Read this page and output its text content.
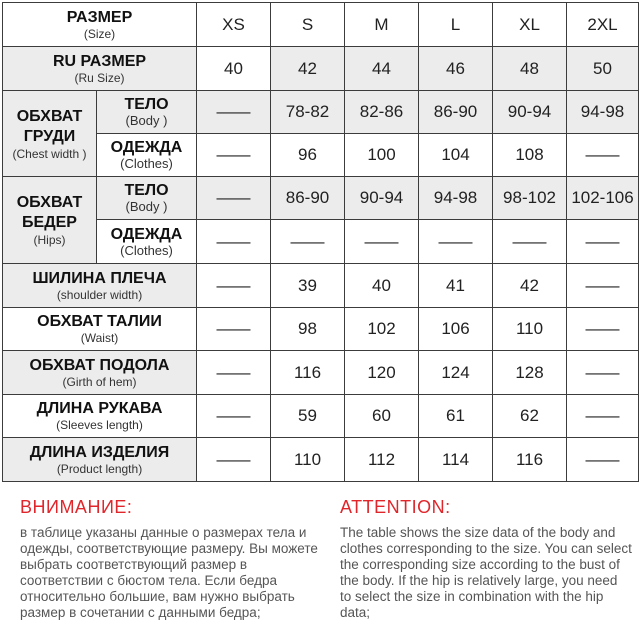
РАЗМЕР
(Size)		XS	S	M	L	XL	2XL

RU РАЗМЕР
(Ru Size)		40	42	44	46	48	50

ОБХВАТ
ГРУДИ
(Chest width )	ТЕЛО
(Body )	——	78-82	82-86	86-90	90-94	94-98

	ОДЕЖДА
(Clothes)	——	96	100	104	108	——

ОБХВАТ
БЕДЕР
(Hips)	ТЕЛО
(Body )	——	86-90	90-94	94-98	98-102	102-106

	ОДЕЖДА
(Clothes)	——	——	——	——	——	——

ШИЛИНА ПЛЕЧА
(shoulder width)		——	39	40	41	42	——

ОБХВАТ ТАЛИИ
(Waist)		——	98	102	106	110	——

ОБХВАТ ПОДОЛА
(Girth of hem)		——	116	120	124	128	——

ДЛИНА РУКАВА
(Sleeves length)		——	59	60	61	62	——

ДЛИНА ИЗДЕЛИЯ
(Product length)		——	110	112	114	116	——
ВНИМАНИЕ:
в таблице указаны данные о размерах тела и одежды, соответствующие размеру. Вы можете выбрать соответствующий размер в соответствии с бюстом тела. Если бедра относительно большие, вам нужно выбрать размер в сочетании с данными бедра;
ATTENTION:
The table shows the size data of the body and clothes corresponding to the size. You can select the corresponding size according to the bust of the body. If the hip is relatively large, you need to select the size in combination with the hip data;
